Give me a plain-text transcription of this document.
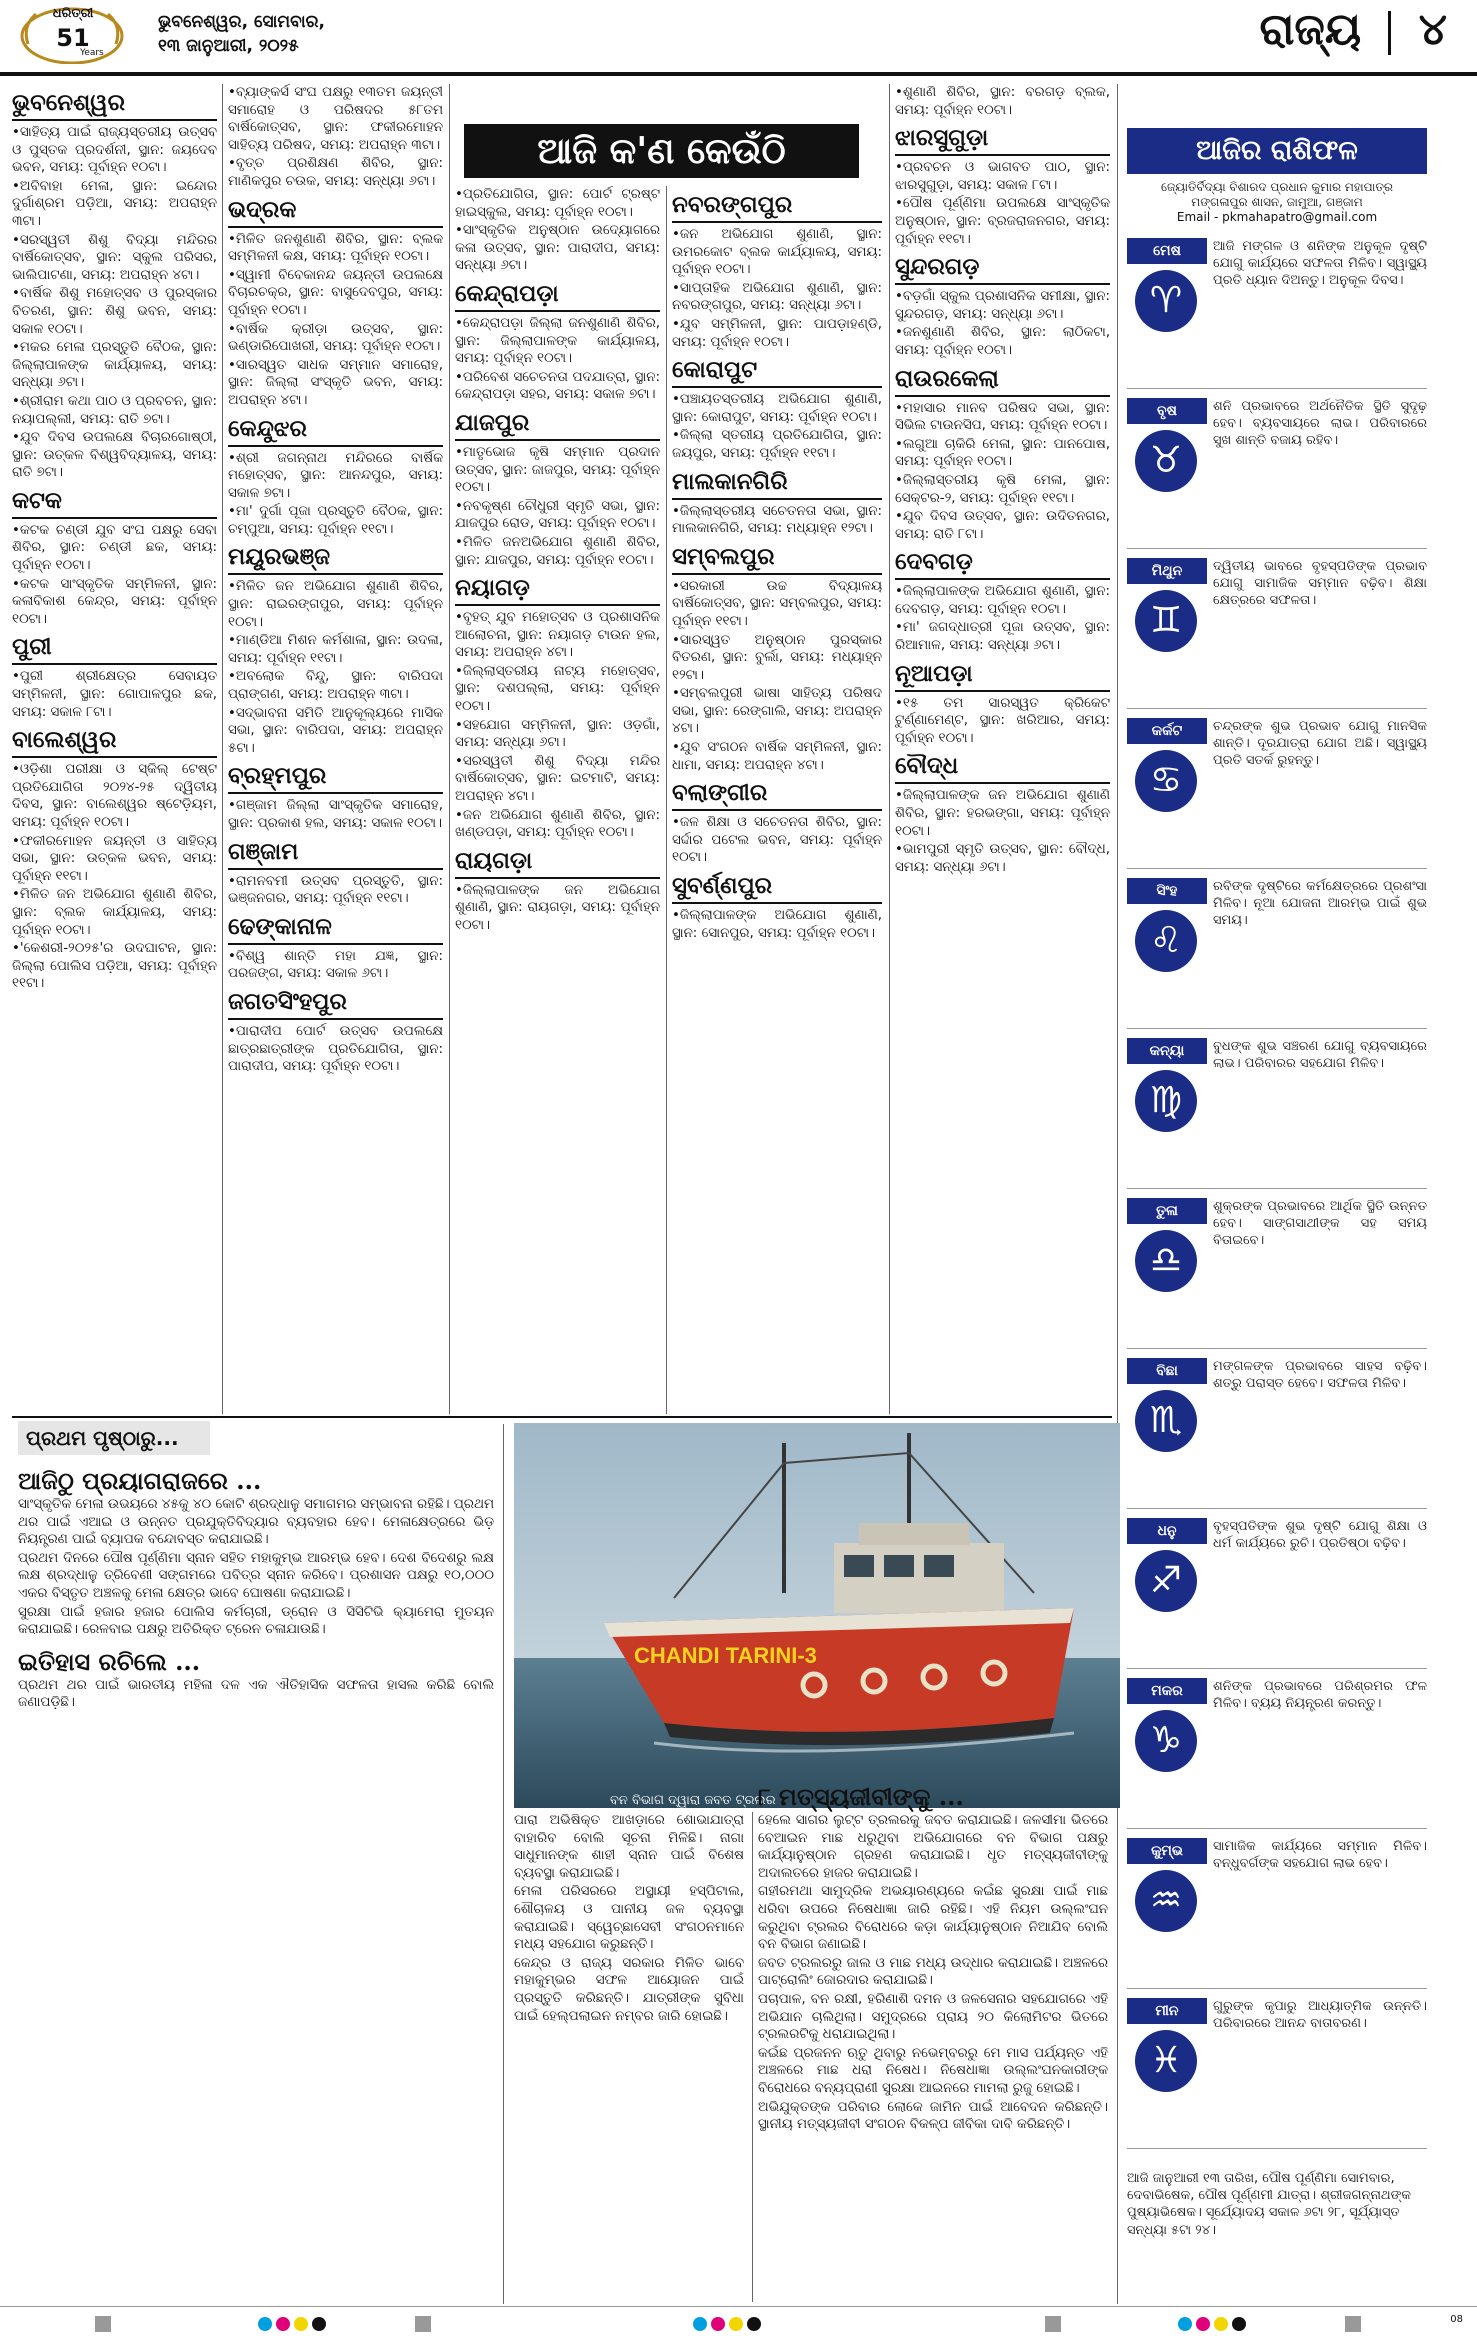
ଧରିତ୍ରୀ
51
Years
ଭୁବନେଶ୍ୱର, ସୋମବାର,
୧୩ ଜାନୁଆରୀ, ୨୦୨୫	ରାଜ୍ୟ ୪
ଆଜି କ'ଣ କେଉଁଠି
ଭୁବନେଶ୍ୱର

• ସାହିତ୍ୟ ପାଇଁ ରାଜ୍ୟସ୍ତରୀୟ ଉତ୍ସବ ଓ ପୁସ୍ତକ ପ୍ରଦର୍ଶନୀ, ସ୍ଥାନ: ଜୟଦେବ ଭବନ, ସମୟ: ପୂର୍ବାହ୍ନ ୧୦ଟା।

• ଅବିବାହା ମେଳା, ସ୍ଥାନ: ଇନ୍ଦୋର ଦୁର୍ଗାଶ୍ରମ ପଡ଼ିଆ, ସମୟ: ଅପରାହ୍ନ ୩ଟା।

• ସରସ୍ୱତୀ ଶିଶୁ ବିଦ୍ୟା ମନ୍ଦିରର ବାର୍ଷିକୋତ୍ସବ, ସ୍ଥାନ: ସ୍କୁଲ ପରିସର, ଭାଲିପାଟଣା, ସମୟ: ଅପରାହ୍ନ ୪ଟା।

• ବାର୍ଷିକ ଶିଶୁ ମହୋତ୍ସବ ଓ ପୁରସ୍କାର ବିତରଣ, ସ୍ଥାନ: ଶିଶୁ ଭବନ, ସମୟ: ସକାଳ ୧୦ଟା।

• ମକର ମେଳା ପ୍ରସ୍ତୁତି ବୈଠକ, ସ୍ଥାନ: ଜିଲ୍ଲାପାଳଙ୍କ କାର୍ଯ୍ୟାଳୟ, ସମୟ: ସନ୍ଧ୍ୟା ୬ଟା।

• ଶ୍ରୀରାମ କଥା ପାଠ ଓ ପ୍ରବଚନ, ସ୍ଥାନ: ନୟାପଲ୍ଲୀ, ସମୟ: ରାତି ୭ଟା।

• ଯୁବ ଦିବସ ଉପଲକ୍ଷେ ବିଚାରଗୋଷ୍ଠୀ, ସ୍ଥାନ: ଉତ୍କଳ ବିଶ୍ୱବିଦ୍ୟାଳୟ, ସମୟ: ରାତି ୭ଟା।

କଟକ

• କଟକ ଚଣ୍ଡୀ ଯୁବ ସଂଘ ପକ୍ଷରୁ ସେବା ଶିବିର, ସ୍ଥାନ: ଚଣ୍ଡୀ ଛକ, ସମୟ: ପୂର୍ବାହ୍ନ ୧୦ଟା।

• କଟକ ସାଂସ୍କୃତିକ ସମ୍ମିଳନୀ, ସ୍ଥାନ: କଳାବିକାଶ କେନ୍ଦ୍ର, ସମୟ: ପୂର୍ବାହ୍ନ ୧୦ଟା।

ପୁରୀ

• ପୁରୀ ଶ୍ରୀକ୍ଷେତ୍ର ସେବାୟତ ସମ୍ମିଳନୀ, ସ୍ଥାନ: ଗୋପାଳପୁର ଛକ, ସମୟ: ସକାଳ ୮ଟା।

ବାଲେଶ୍ୱର

• ଓଡ଼ିଶା ପରୀକ୍ଷା ଓ ସ୍କିଲ୍ ଟେଷ୍ଟ ପ୍ରତିଯୋଗିତା ୨୦୨୪-୨୫ ଦ୍ୱିତୀୟ ଦିବସ, ସ୍ଥାନ: ବାଲେଶ୍ୱର ଷ୍ଟେଡ଼ିୟମ, ସମୟ: ପୂର୍ବାହ୍ନ ୧୦ଟା।

• ଫକୀରମୋହନ ଜୟନ୍ତୀ ଓ ସାହିତ୍ୟ ସଭା, ସ୍ଥାନ: ଉତ୍କଳ ଭବନ, ସମୟ: ପୂର୍ବାହ୍ନ ୧୧ଟା।

• ମିଳିତ ଜନ ଅଭିଯୋଗ ଶୁଣାଣି ଶିବିର, ସ୍ଥାନ: ବ୍ଲକ କାର୍ଯ୍ୟାଳୟ, ସମୟ: ପୂର୍ବାହ୍ନ ୧୦ଟା।

• 'କେଶରୀ-୨୦୨୫'ର ଉଦଘାଟନ, ସ୍ଥାନ: ଜିଲ୍ଲା ପୋଲିସ ପଡ଼ିଆ, ସମୟ: ପୂର୍ବାହ୍ନ ୧୧ଟା।

• ବ୍ୟାଙ୍କର୍ସ ସଂଘ ପକ୍ଷରୁ ୧୩ତମ ଜୟନ୍ତୀ ସମାରୋହ ଓ ପରିଷଦର ୫୮ତମ ବାର୍ଷିକୋତ୍ସବ, ସ୍ଥାନ: ଫକୀରମୋହନ ସାହିତ୍ୟ ପରିଷଦ, ସମୟ: ଅପରାହ୍ନ ୩ଟା।

• ବୃତ୍ତ ପ୍ରଶିକ୍ଷଣ ଶିବିର, ସ୍ଥାନ: ମାଣିକପୁର ଚଉକ, ସମୟ: ସନ୍ଧ୍ୟା ୬ଟା।

ଭଦ୍ରକ

• ମିଳିତ ଜନଶୁଣାଣି ଶିବିର, ସ୍ଥାନ: ବ୍ଲକ ସମ୍ମିଳନୀ କକ୍ଷ, ସମୟ: ପୂର୍ବାହ୍ନ ୧୦ଟା।

• ସ୍ୱାମୀ ବିବେକାନନ୍ଦ ଜୟନ୍ତୀ ଉପଲକ୍ଷେ ବିଚାରଚକ୍ର, ସ୍ଥାନ: ବାସୁଦେବପୁର, ସମୟ: ପୂର୍ବାହ୍ନ ୧୦ଟା।

• ବାର୍ଷିକ କ୍ରୀଡ଼ା ଉତ୍ସବ, ସ୍ଥାନ: ଭଣ୍ଡାରିପୋଖରୀ, ସମୟ: ପୂର୍ବାହ୍ନ ୧୦ଟା।

• ସାରସ୍ୱତ ସାଧକ ସମ୍ମାନ ସମାରୋହ, ସ୍ଥାନ: ଜିଲ୍ଲା ସଂସ୍କୃତି ଭବନ, ସମୟ: ଅପରାହ୍ନ ୪ଟା।

କେନ୍ଦୁଝର

• ଶ୍ରୀ ଜଗନ୍ନାଥ ମନ୍ଦିରରେ ବାର୍ଷିକ ମହୋତ୍ସବ, ସ୍ଥାନ: ଆନନ୍ଦପୁର, ସମୟ: ସକାଳ ୭ଟା।

• ମା' ଦୁର୍ଗା ପୂଜା ପ୍ରସ୍ତୁତି ବୈଠକ, ସ୍ଥାନ: ଚମ୍ପୁଆ, ସମୟ: ପୂର୍ବାହ୍ନ ୧୧ଟା।

ମୟୂରଭଞ୍ଜ

• ମିଳିତ ଜନ ଅଭିଯୋଗ ଶୁଣାଣି ଶିବିର, ସ୍ଥାନ: ରାଇରଙ୍ଗପୁର, ସମୟ: ପୂର୍ବାହ୍ନ ୧୦ଟା।

• ମାଣ୍ଡିଆ ମିଶନ କର୍ମଶାଳା, ସ୍ଥାନ: ଉଦଳା, ସମୟ: ପୂର୍ବାହ୍ନ ୧୧ଟା।

• ଅବଲୋକ ବିନ୍ଦୁ, ସ୍ଥାନ: ବାରିପଦା ପ୍ରାଙ୍ଗଣ, ସମୟ: ଅପରାହ୍ନ ୩ଟା।

• ସଦ୍‌ଭାବନା ସମିତି ଆନୁକୂଲ୍ୟରେ ମାସିକ ସଭା, ସ୍ଥାନ: ବାରିପଦା, ସମୟ: ଅପରାହ୍ନ ୫ଟା।

ବ୍ରହ୍ମପୁର

• ଗଞ୍ଜାମ ଜିଲ୍ଲା ସାଂସ୍କୃତିକ ସମାରୋହ, ସ୍ଥାନ: ପ୍ରକାଶ ହଲ, ସମୟ: ସକାଳ ୧୦ଟା।

ଗଞ୍ଜାମ

• ରାମନବମୀ ଉତ୍ସବ ପ୍ରସ୍ତୁତି, ସ୍ଥାନ: ଭଞ୍ଜନଗର, ସମୟ: ପୂର୍ବାହ୍ନ ୧୧ଟା।

ଢେଙ୍କାନାଳ

• ବିଶ୍ୱ ଶାନ୍ତି ମହା ଯଜ୍ଞ, ସ୍ଥାନ: ପରଜଙ୍ଗ, ସମୟ: ସକାଳ ୬ଟା।

ଜଗତସିଂହପୁର

• ପାରାଦୀପ ପୋର୍ଟ ଉତ୍ସବ ଉପଲକ୍ଷେ ଛାତ୍ରଛାତ୍ରୀଙ୍କ ପ୍ରତିଯୋଗିତା, ସ୍ଥାନ: ପାରାଦୀପ, ସମୟ: ପୂର୍ବାହ୍ନ ୧୦ଟା।

• ପ୍ରତିଯୋଗିତା, ସ୍ଥାନ: ପୋର୍ଟ ଟ୍ରଷ୍ଟ ହାଇସ୍କୁଲ, ସମୟ: ପୂର୍ବାହ୍ନ ୧୦ଟା।

• ସାଂସ୍କୃତିକ ଅନୁଷ୍ଠାନ ଉଦ୍ୟୋଗରେ କଳା ଉତ୍ସବ, ସ୍ଥାନ: ପାରାଦୀପ, ସମୟ: ସନ୍ଧ୍ୟା ୬ଟା।

କେନ୍ଦ୍ରାପଡ଼ା

• କେନ୍ଦ୍ରାପଡ଼ା ଜିଲ୍ଲା ଜନଶୁଣାଣି ଶିବିର, ସ୍ଥାନ: ଜିଲ୍ଲାପାଳଙ୍କ କାର୍ଯ୍ୟାଳୟ, ସମୟ: ପୂର୍ବାହ୍ନ ୧୦ଟା।

• ପରିବେଶ ସଚେତନତା ପଦଯାତ୍ରା, ସ୍ଥାନ: କେନ୍ଦ୍ରାପଡ଼ା ସହର, ସମୟ: ସକାଳ ୭ଟା।

ଯାଜପୁର

• ମାତୃଭୋଜ କୃଷି ସମ୍ମାନ ପ୍ରଦାନ ଉତ୍ସବ, ସ୍ଥାନ: ଜାଜପୁର, ସମୟ: ପୂର୍ବାହ୍ନ ୧୦ଟା।

• ନବକୃଷ୍ଣ ଚୌଧୁରୀ ସ୍ମୃତି ସଭା, ସ୍ଥାନ: ଯାଜପୁର ରୋଡ, ସମୟ: ପୂର୍ବାହ୍ନ ୧୦ଟା।

• ମିଳିତ ଜନଅଭିଯୋଗ ଶୁଣାଣି ଶିବିର, ସ୍ଥାନ: ଯାଜପୁର, ସମୟ: ପୂର୍ବାହ୍ନ ୧୦ଟା।

ନୟାଗଡ଼

• ବୃହତ୍ ଯୁବ ମହୋତ୍ସବ ଓ ପ୍ରଶାସନିକ ଆଲୋଚନା, ସ୍ଥାନ: ନୟାଗଡ଼ ଟାଉନ ହଲ, ସମୟ: ଅପରାହ୍ନ ୪ଟା।

• ଜିଲ୍ଲାସ୍ତରୀୟ ନାଟ୍ୟ ମହୋତ୍ସବ, ସ୍ଥାନ: ଦଶପଲ୍ଲା, ସମୟ: ପୂର୍ବାହ୍ନ ୧୦ଟା।

• ସହଯୋଗ ସମ୍ମିଳନୀ, ସ୍ଥାନ: ଓଡ଼ଗାଁ, ସମୟ: ସନ୍ଧ୍ୟା ୬ଟା।

• ସରସ୍ୱତୀ ଶିଶୁ ବିଦ୍ୟା ମନ୍ଦିର ବାର୍ଷିକୋତ୍ସବ, ସ୍ଥାନ: ଇଟମାଟି, ସମୟ: ଅପରାହ୍ନ ୪ଟା।

• ଜନ ଅଭିଯୋଗ ଶୁଣାଣି ଶିବିର, ସ୍ଥାନ: ଖଣ୍ଡପଡ଼ା, ସମୟ: ପୂର୍ବାହ୍ନ ୧୦ଟା।

ରାୟଗଡ଼ା

• ଜିଲ୍ଲାପାଳଙ୍କ ଜନ ଅଭିଯୋଗ ଶୁଣାଣି, ସ୍ଥାନ: ରାୟଗଡ଼ା, ସମୟ: ପୂର୍ବାହ୍ନ ୧୦ଟା।

ନବରଙ୍ଗପୁର

• ଜନ ଅଭିଯୋଗ ଶୁଣାଣି, ସ୍ଥାନ: ଉମରକୋଟ ବ୍ଲକ କାର୍ଯ୍ୟାଳୟ, ସମୟ: ପୂର୍ବାହ୍ନ ୧୦ଟା।

• ସାପ୍ତାହିକ ଅଭିଯୋଗ ଶୁଣାଣି, ସ୍ଥାନ: ନବରଙ୍ଗପୁର, ସମୟ: ସନ୍ଧ୍ୟା ୬ଟା।

• ଯୁବ ସମ୍ମିଳନୀ, ସ୍ଥାନ: ପାପଡ଼ାହଣ୍ଡି, ସମୟ: ପୂର୍ବାହ୍ନ ୧୦ଟା।

କୋରାପୁଟ

• ପଞ୍ଚାୟତସ୍ତରୀୟ ଅଭିଯୋଗ ଶୁଣାଣି, ସ୍ଥାନ: କୋରାପୁଟ, ସମୟ: ପୂର୍ବାହ୍ନ ୧୦ଟା।

• ଜିଲ୍ଲା ସ୍ତରୀୟ ପ୍ରତିଯୋଗିତା, ସ୍ଥାନ: ଜୟପୁର, ସମୟ: ପୂର୍ବାହ୍ନ ୧୧ଟା।

ମାଲକାନଗିରି

• ଜିଲ୍ଲାସ୍ତରୀୟ ସଚେତନତା ସଭା, ସ୍ଥାନ: ମାଲକାନଗିରି, ସମୟ: ମଧ୍ୟାହ୍ନ ୧୨ଟା।

ସମ୍ବଲପୁର

• ସରକାରୀ ଉଚ୍ଚ ବିଦ୍ୟାଳୟ ବାର୍ଷିକୋତ୍ସବ, ସ୍ଥାନ: ସମ୍ବଲପୁର, ସମୟ: ପୂର୍ବାହ୍ନ ୧୧ଟା।

• ସାରସ୍ୱତ ଅନୁଷ୍ଠାନ ପୁରସ୍କାର ବିତରଣ, ସ୍ଥାନ: ବୁର୍ଲା, ସମୟ: ମଧ୍ୟାହ୍ନ ୧୨ଟା।

• ସମ୍ବଲପୁରୀ ଭାଷା ସାହିତ୍ୟ ପରିଷଦ ସଭା, ସ୍ଥାନ: ରେଙ୍ଗାଲି, ସମୟ: ଅପରାହ୍ନ ୪ଟା।

• ଯୁବ ସଂଗଠନ ବାର୍ଷିକ ସମ୍ମିଳନୀ, ସ୍ଥାନ: ଧାମା, ସମୟ: ଅପରାହ୍ନ ୪ଟା।

ବଲାଙ୍ଗୀର

• ଜଳ ଶିକ୍ଷା ଓ ସଚେତନତା ଶିବିର, ସ୍ଥାନ: ସର୍ଦ୍ଦାର ପଟେଲ ଭବନ, ସମୟ: ପୂର୍ବାହ୍ନ ୧୦ଟା।

ସୁବର୍ଣ୍ଣପୁର

• ଜିଲ୍ଲାପାଳଙ୍କ ଅଭିଯୋଗ ଶୁଣାଣି, ସ୍ଥାନ: ସୋନପୁର, ସମୟ: ପୂର୍ବାହ୍ନ ୧୦ଟା।

• ଶୁଣାଣି ଶିବିର, ସ୍ଥାନ: ବରଗଡ଼ ବ୍ଲକ, ସମୟ: ପୂର୍ବାହ୍ନ ୧୦ଟା।

ଝାରସୁଗୁଡ଼ା

• ପ୍ରବଚନ ଓ ଭାଗବତ ପାଠ, ସ୍ଥାନ: ଝାରସୁଗୁଡ଼ା, ସମୟ: ସକାଳ ୮ଟା।

• ପୌଷ ପୂର୍ଣ୍ଣିମା ଉପଲକ୍ଷେ ସାଂସ୍କୃତିକ ଅନୁଷ୍ଠାନ, ସ୍ଥାନ: ବ୍ରଜରାଜନଗର, ସମୟ: ପୂର୍ବାହ୍ନ ୧୧ଟା।

ସୁନ୍ଦରଗଡ଼

• ବଡ଼ଗାଁ ସ୍କୁଲ ପ୍ରଶାସନିକ ସମୀକ୍ଷା, ସ୍ଥାନ: ସୁନ୍ଦରଗଡ଼, ସମୟ: ସନ୍ଧ୍ୟା ୬ଟା।

• ଜନଶୁଣାଣି ଶିବିର, ସ୍ଥାନ: ଲାଠିକଟା, ସମୟ: ପୂର୍ବାହ୍ନ ୧୦ଟା।

ରାଉରକେଲା

• ମହାସାର ମାନବ ପରିଷଦ ସଭା, ସ୍ଥାନ: ସିଭିଲ ଟାଉନସିପ, ସମୟ: ପୂର୍ବାହ୍ନ ୧୦ଟା।

• ଲଗୁଆ ଚାକିରି ମେଳା, ସ୍ଥାନ: ପାନପୋଷ, ସମୟ: ପୂର୍ବାହ୍ନ ୧୦ଟା।

• ଜିଲ୍ଲାସ୍ତରୀୟ କୃଷି ମେଳା, ସ୍ଥାନ: ସେକ୍ଟର-୨, ସମୟ: ପୂର୍ବାହ୍ନ ୧୧ଟା।

• ଯୁବ ଦିବସ ଉତ୍ସବ, ସ୍ଥାନ: ଉଦିତନଗର, ସମୟ: ରାତି ୮ଟା।

ଦେବଗଡ଼

• ଜିଲ୍ଲାପାଳଙ୍କ ଅଭିଯୋଗ ଶୁଣାଣି, ସ୍ଥାନ: ଦେବଗଡ଼, ସମୟ: ପୂର୍ବାହ୍ନ ୧୦ଟା।

• ମା' ଜଗଦ୍ଧାତ୍ରୀ ପୂଜା ଉତ୍ସବ, ସ୍ଥାନ: ରିଆମାଳ, ସମୟ: ସନ୍ଧ୍ୟା ୬ଟା।

ନୂଆପଡ଼ା

• ୧୫ ତମ ସାରସ୍ୱତ କ୍ରିକେଟ ଟୁର୍ଣ୍ଣାମେଣ୍ଟ, ସ୍ଥାନ: ଖରିଆର, ସମୟ: ପୂର୍ବାହ୍ନ ୧୦ଟା।

ବୌଦ୍ଧ

• ଜିଲ୍ଲାପାଳଙ୍କ ଜନ ଅଭିଯୋଗ ଶୁଣାଣି ଶିବିର, ସ୍ଥାନ: ହରଭଙ୍ଗା, ସମୟ: ପୂର୍ବାହ୍ନ ୧୦ଟା।

• ଭାମପୁରୀ ସ୍ମୃତି ଉତ୍ସବ, ସ୍ଥାନ: ବୌଦ୍ଧ, ସମୟ: ସନ୍ଧ୍ୟା ୬ଟା।

ଆଜିର ରାଶିଫଳ
ଜ୍ୟୋତିର୍ବିଦ୍ୟା ବିଶାରଦ ପ୍ରଧାନ କୁମାର ମହାପାତ୍ର
ମଙ୍ଗଳାପୁର ଶାସନ, ଜାମୁଆ, ଗଞ୍ଜାମ
Email - pkmahapatro@gmail.com
ମେଷ
♈
ଆଜି ମଙ୍ଗଳ ଓ ଶନିଙ୍କ ଅନୁକୂଳ ଦୃଷ୍ଟି ଯୋଗୁ କାର୍ଯ୍ୟରେ ସଫଳତା ମିଳିବ। ସ୍ୱାସ୍ଥ୍ୟ ପ୍ରତି ଧ୍ୟାନ ଦିଅନ୍ତୁ। ଅନୁକୂଳ ଦିବସ।
ବୃଷ
♉
ଶନି ପ୍ରଭାବରେ ଅର୍ଥନୈତିକ ସ୍ଥିତି ସୁଦୃଢ଼ ହେବ। ବ୍ୟବସାୟରେ ଲାଭ। ପରିବାରରେ ସୁଖ ଶାନ୍ତି ବଜାୟ ରହିବ।
ମିଥୁନ
♊
ଦ୍ୱିତୀୟ ଭାବରେ ବୃହସ୍ପତିଙ୍କ ପ୍ରଭାବ ଯୋଗୁ ସାମାଜିକ ସମ୍ମାନ ବଢ଼ିବ। ଶିକ୍ଷା କ୍ଷେତ୍ରରେ ସଫଳତା।
କର୍କଟ
♋
ଚନ୍ଦ୍ରଙ୍କ ଶୁଭ ପ୍ରଭାବ ଯୋଗୁ ମାନସିକ ଶାନ୍ତି। ଦୂରଯାତ୍ରା ଯୋଗ ଅଛି। ସ୍ୱାସ୍ଥ୍ୟ ପ୍ରତି ସତର୍କ ରୁହନ୍ତୁ।
ସିଂହ
♌
ରବିଙ୍କ ଦୃଷ୍ଟିରେ କର୍ମକ୍ଷେତ୍ରରେ ପ୍ରଶଂସା ମିଳିବ। ନୂଆ ଯୋଜନା ଆରମ୍ଭ ପାଇଁ ଶୁଭ ସମୟ।
କନ୍ୟା
♍
ବୁଧଙ୍କ ଶୁଭ ସଞ୍ଚରଣ ଯୋଗୁ ବ୍ୟବସାୟରେ ଲାଭ। ପରିବାରର ସହଯୋଗ ମିଳିବ।
ତୁଳା
♎
ଶୁକ୍ରଙ୍କ ପ୍ରଭାବରେ ଆର୍ଥିକ ସ୍ଥିତି ଉନ୍ନତ ହେବ। ସାଙ୍ଗସାଥୀଙ୍କ ସହ ସମୟ ବିତାଇବେ।
ବିଛା
♏
ମଙ୍ଗଳଙ୍କ ପ୍ରଭାବରେ ସାହସ ବଢ଼ିବ। ଶତ୍ରୁ ପରାସ୍ତ ହେବେ। ସଫଳତା ମିଳିବ।
ଧନୁ
♐
ବୃହସ୍ପତିଙ୍କ ଶୁଭ ଦୃଷ୍ଟି ଯୋଗୁ ଶିକ୍ଷା ଓ ଧର୍ମ କାର୍ଯ୍ୟରେ ରୁଚି। ପ୍ରତିଷ୍ଠା ବଢ଼ିବ।
ମକର
♑
ଶନିଙ୍କ ପ୍ରଭାବରେ ପରିଶ୍ରମର ଫଳ ମିଳିବ। ବ୍ୟୟ ନିୟନ୍ତ୍ରଣ କରନ୍ତୁ।
କୁମ୍ଭ
♒
ସାମାଜିକ କାର୍ଯ୍ୟରେ ସମ୍ମାନ ମିଳିବ। ବନ୍ଧୁବର୍ଗଙ୍କ ସହଯୋଗ ଲାଭ ହେବ।
ମୀନ
♓
ଗୁରୁଙ୍କ କୃପାରୁ ଆଧ୍ୟାତ୍ମିକ ଉନ୍ନତି। ପରିବାରରେ ଆନନ୍ଦ ବାତାବରଣ।
ଆଜି ଜାନୁଆରୀ ୧୩ ତାରିଖ, ପୌଷ ପୂର୍ଣ୍ଣିମା ସୋମବାର, ଦେବାଭିଷେକ, ପୌଷ ପୂର୍ଣ୍ଣମୀ ଯାତ୍ରା। ଶ୍ରୀଜଗନ୍ନାଥଙ୍କ ପୁଷ୍ୟାଭିଷେକ। ସୂର୍ଯ୍ୟୋଦୟ ସକାଳ ୬ଟା ୨୮, ସୂର୍ଯ୍ୟାସ୍ତ ସନ୍ଧ୍ୟା ୫ଟା ୨୪।
ପ୍ରଥମ ପୃଷ୍ଠାରୁ...
ଆଜିଠୁ ପ୍ରୟାଗରାଜରେ ...

ସାଂସ୍କୃତିକ ମେଳା ଉଭୟରେ ୪୫କୁ ୪୦ କୋଟି ଶ୍ରଦ୍ଧାଳୁ ସମାଗମର ସମ୍ଭାବନା ରହିଛି। ପ୍ରଥମ ଥର ପାଇଁ ଏଆଇ ଓ ଉନ୍ନତ ପ୍ରଯୁକ୍ତିବିଦ୍ୟାର ବ୍ୟବହାର ହେବ। ମେଳାକ୍ଷେତ୍ରରେ ଭିଡ଼ ନିୟନ୍ତ୍ରଣ ପାଇଁ ବ୍ୟାପକ ବନ୍ଦୋବସ୍ତ କରାଯାଇଛି।

ପ୍ରଥମ ଦିନରେ ପୌଷ ପୂର୍ଣ୍ଣିମା ସ୍ନାନ ସହିତ ମହାକୁମ୍ଭ ଆରମ୍ଭ ହେବ। ଦେଶ ବିଦେଶରୁ ଲକ୍ଷ ଲକ୍ଷ ଶ୍ରଦ୍ଧାଳୁ ତ୍ରିବେଣୀ ସଙ୍ଗମରେ ପବିତ୍ର ସ୍ନାନ କରିବେ। ପ୍ରଶାସନ ପକ୍ଷରୁ ୧୦,୦୦୦ ଏକର ବିସ୍ତୃତ ଅଞ୍ଚଳକୁ ମେଳା କ୍ଷେତ୍ର ଭାବେ ଘୋଷଣା କରାଯାଇଛି।

ସୁରକ୍ଷା ପାଇଁ ହଜାର ହଜାର ପୋଲିସ କର୍ମଚାରୀ, ଡ୍ରୋନ ଓ ସିସିଟିଭି କ୍ୟାମେରା ମୁତୟନ କରାଯାଇଛି। ରେଳବାଇ ପକ୍ଷରୁ ଅତିରିକ୍ତ ଟ୍ରେନ ଚଳାଯାଉଛି।

ଇତିହାସ ରଚିଲେ ...

ପ୍ରଥମ ଥର ପାଇଁ ଭାରତୀୟ ମହିଳା ଦଳ ଏକ ଐତିହାସିକ ସଫଳତା ହାସଲ କରିଛି ବୋଲି ଜଣାପଡ଼ିଛି।

ପାରା ଅଭିଷିକ୍ତ ଆଖଡ଼ାରେ ଶୋଭାଯାତ୍ରା ବାହାରିବ ବୋଲି ସୂଚନା ମିଳିଛି। ନାଗା ସାଧୁମାନଙ୍କ ଶାହୀ ସ୍ନାନ ପାଇଁ ବିଶେଷ ବ୍ୟବସ୍ଥା କରାଯାଇଛି।

ମେଳା ପରିସରରେ ଅସ୍ଥାୟୀ ହସ୍ପିଟାଲ, ଶୌଚାଳୟ ଓ ପାନୀୟ ଜଳ ବ୍ୟବସ୍ଥା କରାଯାଇଛି। ସ୍ୱେଚ୍ଛାସେବୀ ସଂଗଠନମାନେ ମଧ୍ୟ ସହଯୋଗ କରୁଛନ୍ତି।

କେନ୍ଦ୍ର ଓ ରାଜ୍ୟ ସରକାର ମିଳିତ ଭାବେ ମହାକୁମ୍ଭର ସଫଳ ଆୟୋଜନ ପାଇଁ ପ୍ରସ୍ତୁତି କରିଛନ୍ତି। ଯାତ୍ରୀଙ୍କ ସୁବିଧା ପାଇଁ ହେଲ୍ପଲାଇନ ନମ୍ବର ଜାରି ହୋଇଛି।

CHANDI TARINI-3
ବନ ବିଭାଗ ଦ୍ୱାରା ଜବତ ଟ୍ରଲର
୮ ମତ୍ସ୍ୟଜୀବୀଙ୍କୁ ...

ହେଲେ ସାଗର ଲୁଟ୍ଟ ତ୍ରଲରକୁ ଜବତ କରାଯାଇଛି। ଜଳସୀମା ଭିତରେ ବେଆଇନ ମାଛ ଧରୁଥିବା ଅଭିଯୋଗରେ ବନ ବିଭାଗ ପକ୍ଷରୁ କାର୍ଯ୍ୟାନୁଷ୍ଠାନ ଗ୍ରହଣ କରାଯାଇଛି। ଧୃତ ମତ୍ସ୍ୟଜୀବୀଙ୍କୁ ଅଦାଲତରେ ହାଜର କରାଯାଇଛି।

ଗହୀରମଥା ସାମୁଦ୍ରିକ ଅଭୟାରଣ୍ୟରେ କଇଁଛ ସୁରକ୍ଷା ପାଇଁ ମାଛ ଧରିବା ଉପରେ ନିଷେଧାଜ୍ଞା ଜାରି ରହିଛି। ଏହି ନିୟମ ଉଲ୍ଲଂଘନ କରୁଥିବା ଟ୍ରଲର ବିରୋଧରେ କଡ଼ା କାର୍ଯ୍ୟାନୁଷ୍ଠାନ ନିଆଯିବ ବୋଲି ବନ ବିଭାଗ ଜଣାଇଛି।

ଜବତ ଟ୍ରଲରରୁ ଜାଲ ଓ ମାଛ ମଧ୍ୟ ଉଦ୍ଧାର କରାଯାଇଛି। ଅଞ୍ଚଳରେ ପାଟ୍ରୋଲିଂ ଜୋରଦାର କରାଯାଇଛି।

ପଚାପାଳ, ବନ ରକ୍ଷୀ, ହରିଣାଶି ଦମନ ଓ ଜଳସେନାର ସହଯୋଗରେ ଏହି ଅଭିଯାନ ଚାଲିଥିଲା। ସମୁଦ୍ରରେ ପ୍ରାୟ ୨୦ କିଲୋମିଟର ଭିତରେ ଟ୍ରଲରଟିକୁ ଧରାଯାଇଥିଲା।

କଇଁଛ ପ୍ରଜନନ ଋତୁ ଥିବାରୁ ନଭେମ୍ବରରୁ ମେ ମାସ ପର୍ଯ୍ୟନ୍ତ ଏହି ଅଞ୍ଚଳରେ ମାଛ ଧରା ନିଷେଧ। ନିଷେଧାଜ୍ଞା ଉଲ୍ଲଂଘନକାରୀଙ୍କ ବିରୋଧରେ ବନ୍ୟପ୍ରାଣୀ ସୁରକ୍ଷା ଆଇନରେ ମାମଲା ରୁଜୁ ହୋଇଛି।

ଅଭିଯୁକ୍ତଙ୍କ ପରିବାର ଲୋକେ ଜାମିନ ପାଇଁ ଆବେଦନ କରିଛନ୍ତି। ସ୍ଥାନୀୟ ମତ୍ସ୍ୟଜୀବୀ ସଂଗଠନ ବିକଳ୍ପ ଜୀବିକା ଦାବି କରିଛନ୍ତି।

08
